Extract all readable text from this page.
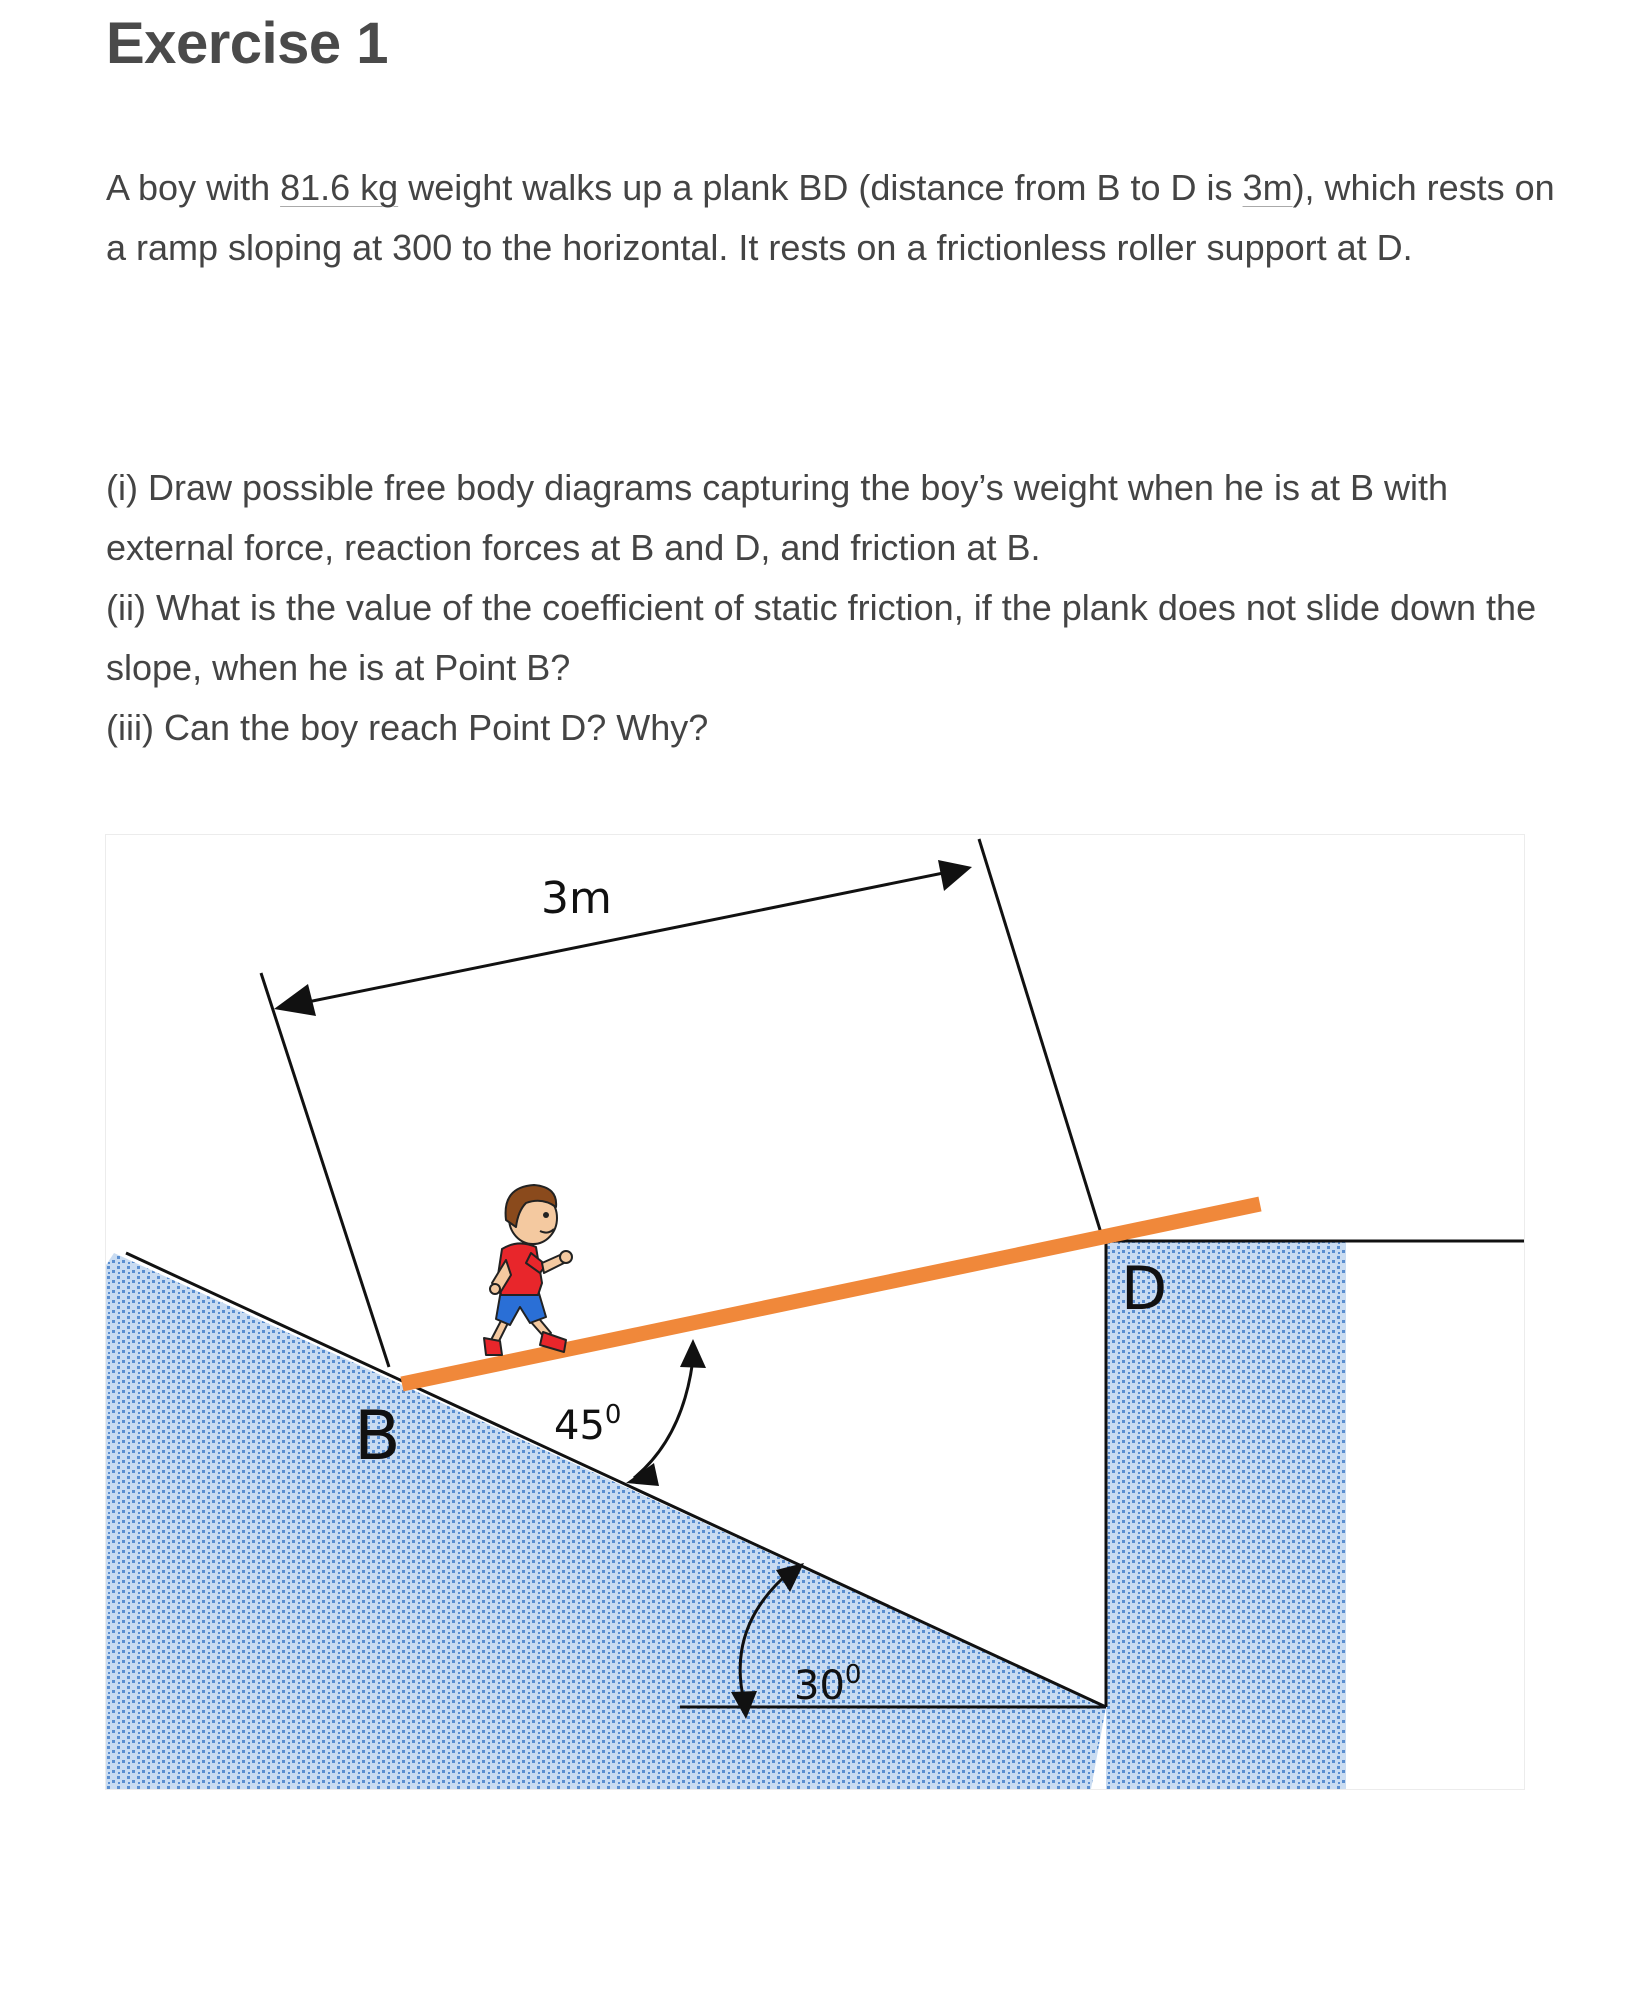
Exercise 1

A boy with 81.6 kg weight walks up a plank BD (distance from B to D is 3m), which rests on a ramp sloping at 300 to the horizontal. It rests on a frictionless roller support at D.

(i) Draw possible free body diagrams capturing the boy’s weight when he is at B with external force, reaction forces at B and D, and friction at B.
(ii) What is the value of the coefficient of static friction, if the plank does not slide down the slope, when he is at Point B?
(iii) Can the boy reach Point D? Why?
3m
B
D
$45^0$
$30^0$
